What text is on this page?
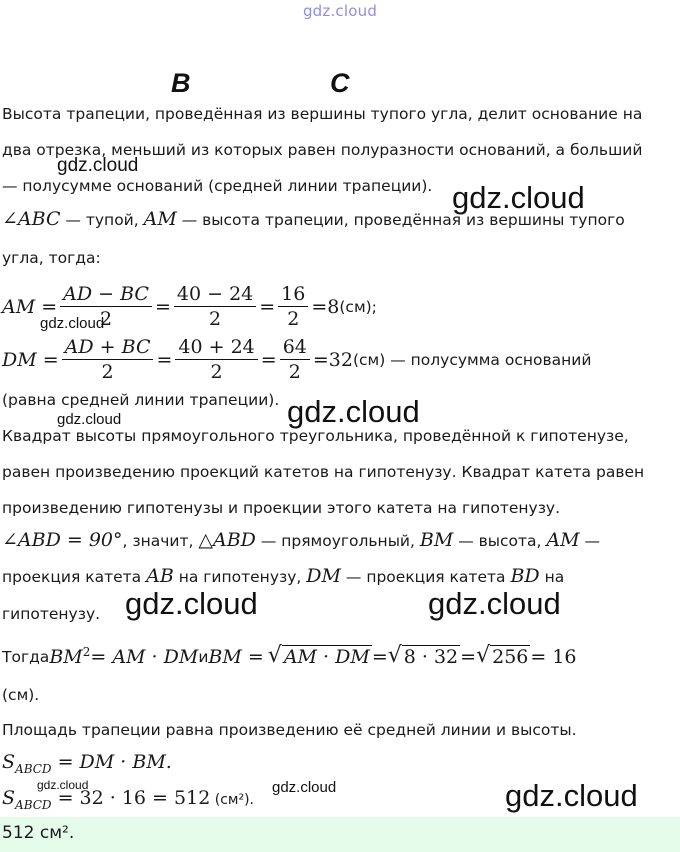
gdz.cloud
B	C
Высота трапеции, проведённая из вершины тупого угла, делит основание на
два отрезка, меньший из которых равен полуразности оснований, а больший
— полусумме оснований (средней линии трапеции).
∠ABC — тупой, AM — высота трапеции, проведённая из вершины тупого
угла, тогда:
AM = $\frac{AD - BC}{2} = \frac{40 - 24}{2} = \frac{16}{2} = 8$ (см);
DM = $\frac{AD + BC}{2} = \frac{40 + 24}{2} = \frac{64}{2} = 32$ (см) — полусумма оснований
(равна средней линии трапеции).
Квадрат высоты прямоугольного треугольника, проведённой к гипотенузе,
равен произведению проекций катетов на гипотенузу. Квадрат катета равен
произведению гипотенузы и проекции этого катета на гипотенузу.
∠ABD = 90°, значит, △ABD — прямоугольный, BM — высота, AM —
проекция катета AB на гипотенузу, DM — проекция катета BD на
гипотенузу.
Тогда $BM^2$ = AM · DM и BM = √ AM · DM = √ 8 · 32 = √ 256 = 16
(см).
Площадь трапеции равна произведению её средней линии и высоты.
$S_{ABCD}$ = DM · BM.
$S_{ABCD} = 32 \cdot 16 = 512$ (см²).
512 см².
gdz.cloud
gdz.cloud
gdz.cloud
gdz.cloud
gdz.cloud
gdz.cloud	gdz.cloud
gdz.cloud
gdz.cloud	gdz.cloud
